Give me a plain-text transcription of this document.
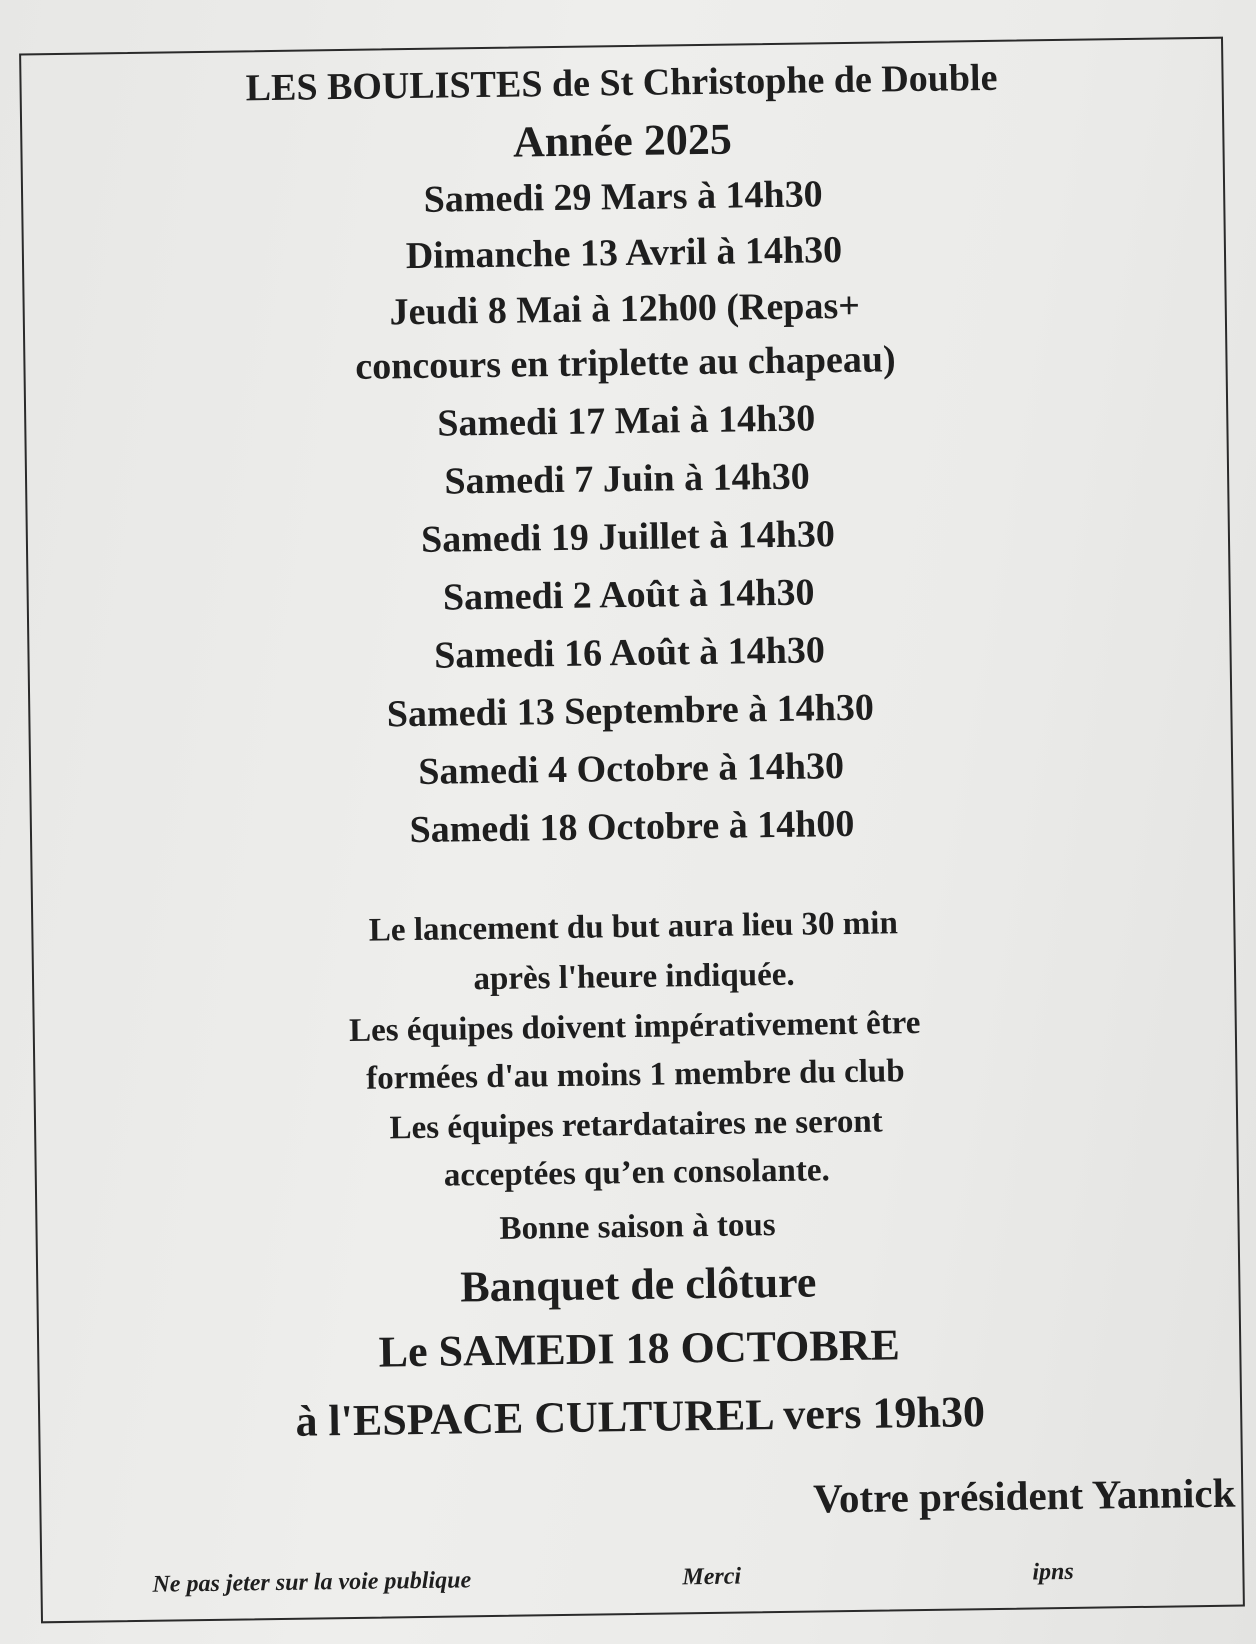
LES BOULISTES de St Christophe de Double
Année 2025
Samedi 29 Mars à 14h30
Dimanche 13 Avril à 14h30
Jeudi 8 Mai à 12h00 (Repas+
concours en triplette au chapeau)
Samedi 17 Mai à 14h30
Samedi 7 Juin à 14h30
Samedi 19 Juillet à 14h30
Samedi 2 Août à 14h30
Samedi 16 Août à 14h30
Samedi 13 Septembre à 14h30
Samedi 4 Octobre à 14h30
Samedi 18 Octobre à 14h00
Le lancement du but aura lieu 30 min
après l'heure indiquée.
Les équipes doivent impérativement être
formées d'au moins 1 membre du club
Les équipes retardataires ne seront
acceptées qu’en consolante.
Bonne saison à tous
Banquet de clôture
Le SAMEDI 18 OCTOBRE
à l'ESPACE CULTUREL vers 19h30
Votre président Yannick
Ne pas jeter sur la voie publique	Merci	ipns
